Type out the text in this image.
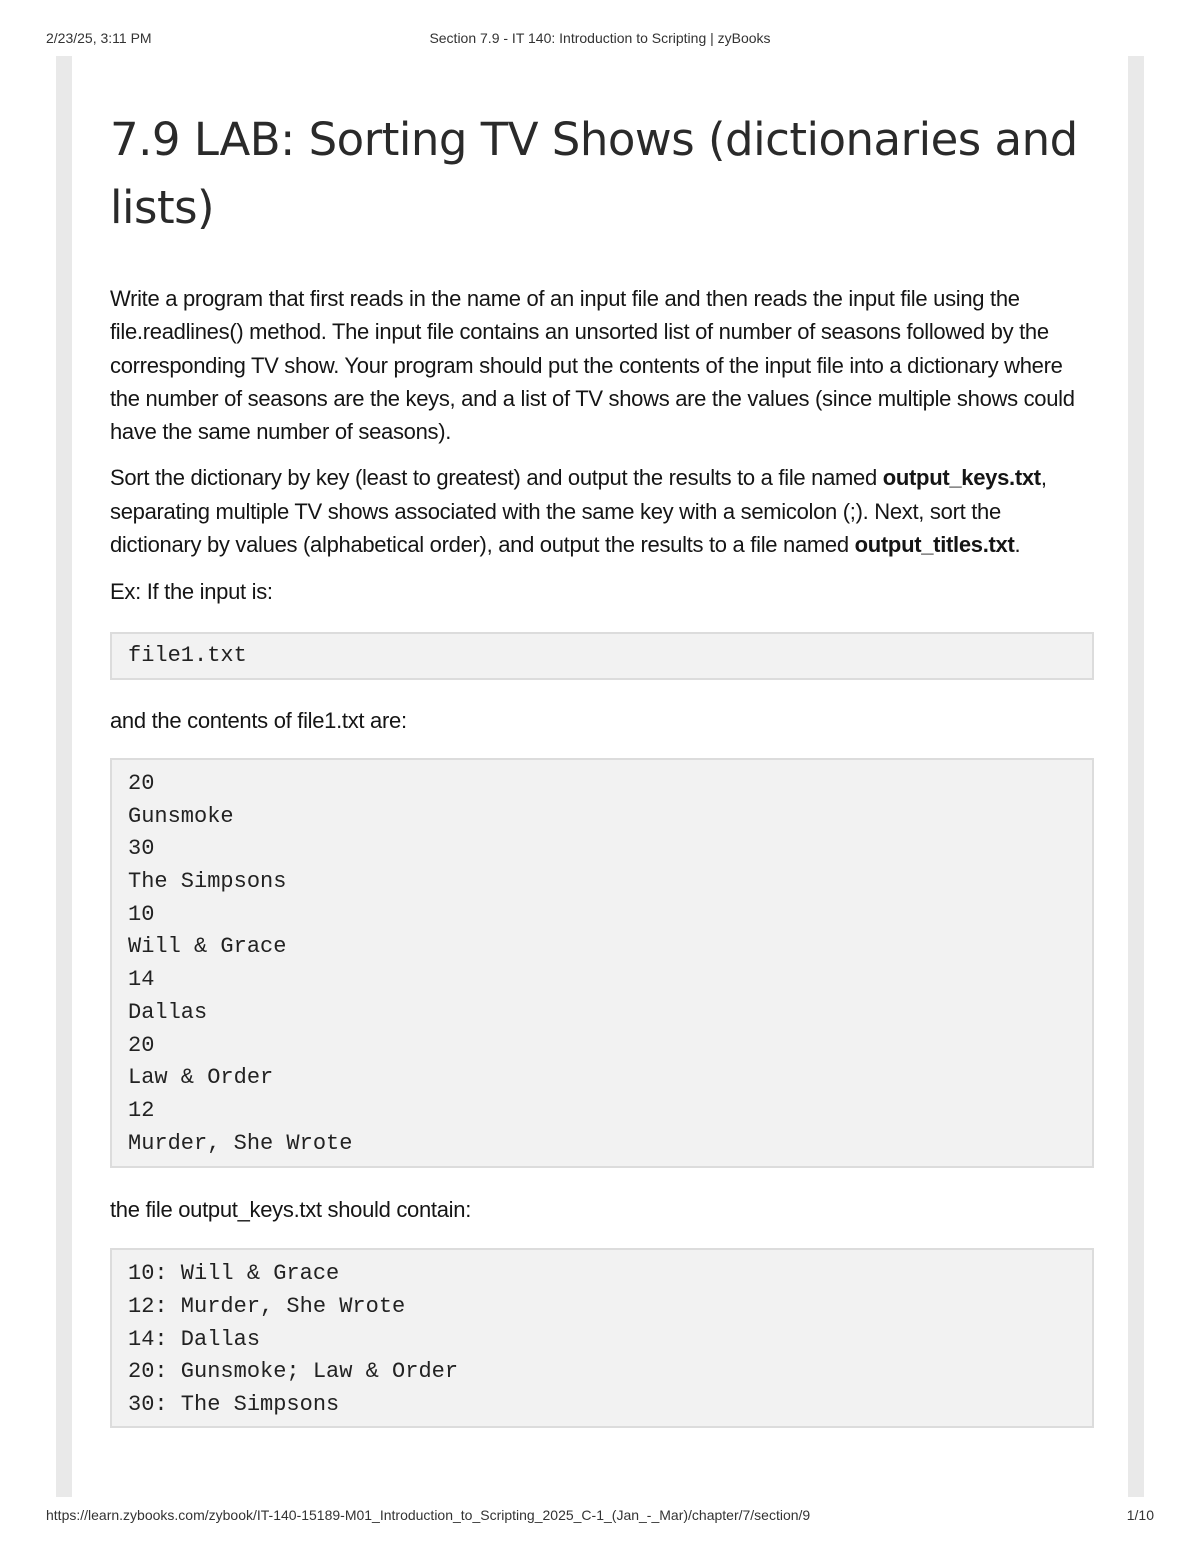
2/23/25, 3:11 PM	Section 7.9 - IT 140: Introduction to Scripting | zyBooks
7.9 LAB: Sorting TV Shows (dictionaries and lists)

Write a program that first reads in the name of an input file and then reads the input file using the file.readlines() method. The input file contains an unsorted list of number of seasons followed by the corresponding TV show. Your program should put the contents of the input file into a dictionary where the number of seasons are the keys, and a list of TV shows are the values (since multiple shows could have the same number of seasons).

Sort the dictionary by key (least to greatest) and output the results to a file named output_keys.txt, separating multiple TV shows associated with the same key with a semicolon (;). Next, sort the dictionary by values (alphabetical order), and output the results to a file named output_titles.txt.

Ex: If the input is:

file1.txt

and the contents of file1.txt are:

20
Gunsmoke
30
The Simpsons
10
Will & Grace
14
Dallas
20
Law & Order
12
Murder, She Wrote

the file output_keys.txt should contain:

10: Will & Grace
12: Murder, She Wrote
14: Dallas
20: Gunsmoke; Law & Order
30: The Simpsons
https://learn.zybooks.com/zybook/IT-140-15189-M01_Introduction_to_Scripting_2025_C-1_(Jan_-_Mar)/chapter/7/section/9	1/10
